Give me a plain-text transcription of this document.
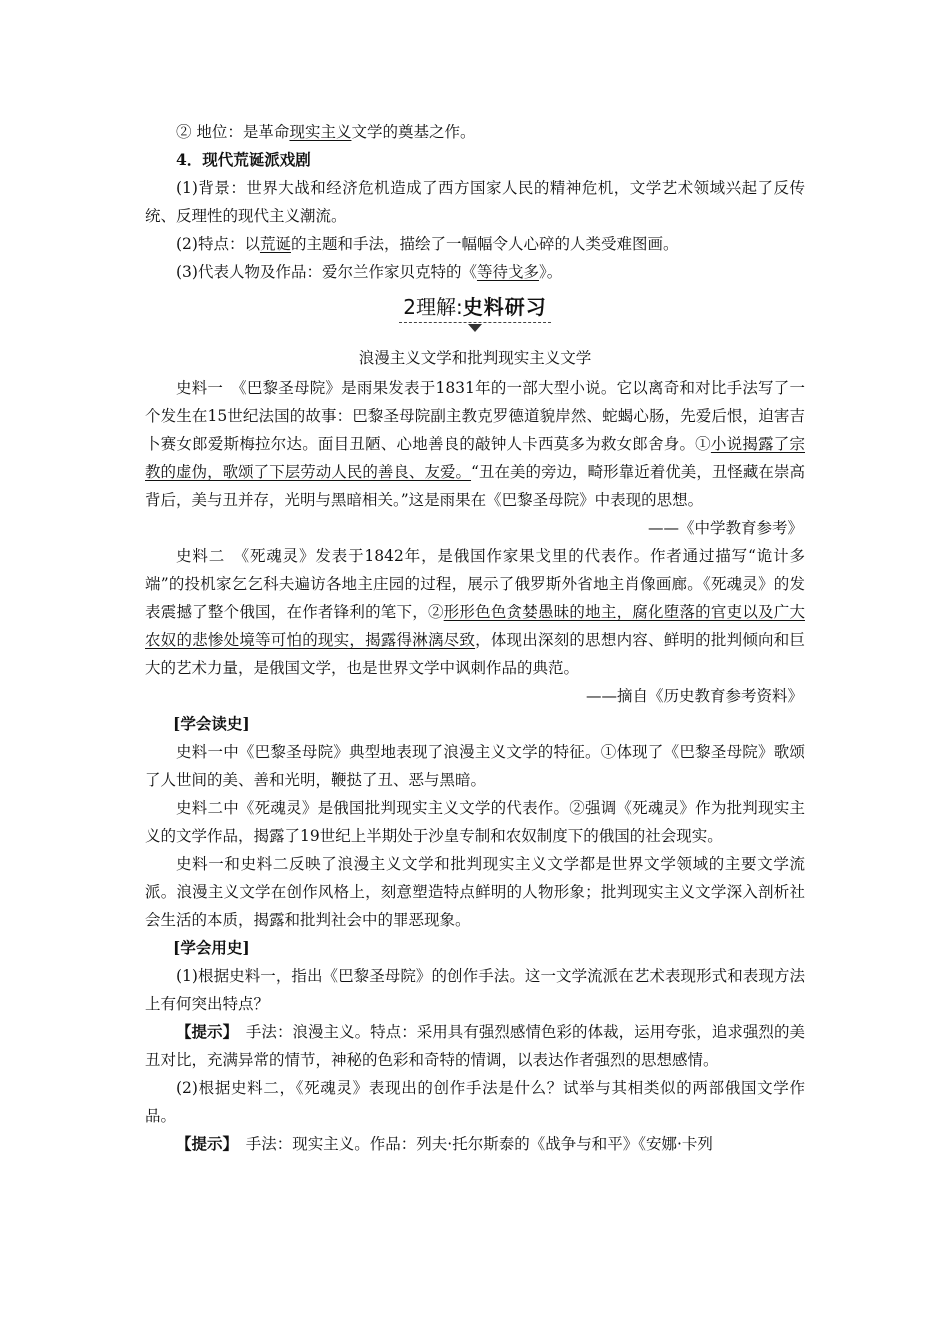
② 地位：是革命现实主义文学的奠基之作。

4．现代荒诞派戏剧

(1)背景：世界大战和经济危机造成了西方国家人民的精神危机，文学艺术领域兴起了反传统、反理性的现代主义潮流。

(2)特点：以荒诞的主题和手法，描绘了一幅幅令人心碎的人类受难图画。

(3)代表人物及作品：爱尔兰作家贝克特的《等待戈多》。

2理解:史料研习

浪漫主义文学和批判现实主义文学

史料一　《巴黎圣母院》是雨果发表于1831年的一部大型小说。它以离奇和对比手法写了一个发生在15世纪法国的故事：巴黎圣母院副主教克罗德道貌岸然、蛇蝎心肠，先爱后恨，迫害吉卜赛女郎爱斯梅拉尔达。面目丑陋、心地善良的敲钟人卡西莫多为救女郎舍身。①小说揭露了宗教的虚伪，歌颂了下层劳动人民的善良、友爱。“丑在美的旁边，畸形靠近着优美，丑怪藏在崇高背后，美与丑并存，光明与黑暗相关。”这是雨果在《巴黎圣母院》中表现的思想。

——《中学教育参考》

史料二　《死魂灵》发表于1842年，是俄国作家果戈里的代表作。作者通过描写“诡计多端”的投机家乞乞科夫遍访各地主庄园的过程，展示了俄罗斯外省地主肖像画廊。《死魂灵》的发表震撼了整个俄国，在作者锋利的笔下，②形形色色贪婪愚昧的地主，腐化堕落的官吏以及广大农奴的悲惨处境等可怕的现实，揭露得淋漓尽致，体现出深刻的思想内容、鲜明的批判倾向和巨大的艺术力量，是俄国文学，也是世界文学中讽刺作品的典范。

——摘自《历史教育参考资料》

[学会读史]

史料一中《巴黎圣母院》典型地表现了浪漫主义文学的特征。①体现了《巴黎圣母院》歌颂了人世间的美、善和光明，鞭挞了丑、恶与黑暗。

史料二中《死魂灵》是俄国批判现实主义文学的代表作。②强调《死魂灵》作为批判现实主义的文学作品，揭露了19世纪上半期处于沙皇专制和农奴制度下的俄国的社会现实。

史料一和史料二反映了浪漫主义文学和批判现实主义文学都是世界文学领域的主要文学流派。浪漫主义文学在创作风格上，刻意塑造特点鲜明的人物形象；批判现实主义文学深入剖析社会生活的本质，揭露和批判社会中的罪恶现象。

[学会用史]

(1)根据史料一，指出《巴黎圣母院》的创作手法。这一文学流派在艺术表现形式和表现方法上有何突出特点？

【提示】　手法：浪漫主义。特点：采用具有强烈感情色彩的体裁，运用夸张，追求强烈的美丑对比，充满异常的情节，神秘的色彩和奇特的情调，以表达作者强烈的思想感情。

(2)根据史料二，《死魂灵》表现出的创作手法是什么？试举与其相类似的两部俄国文学作品。

【提示】　手法：现实主义。作品：列夫·托尔斯泰的《战争与和平》《安娜·卡列
